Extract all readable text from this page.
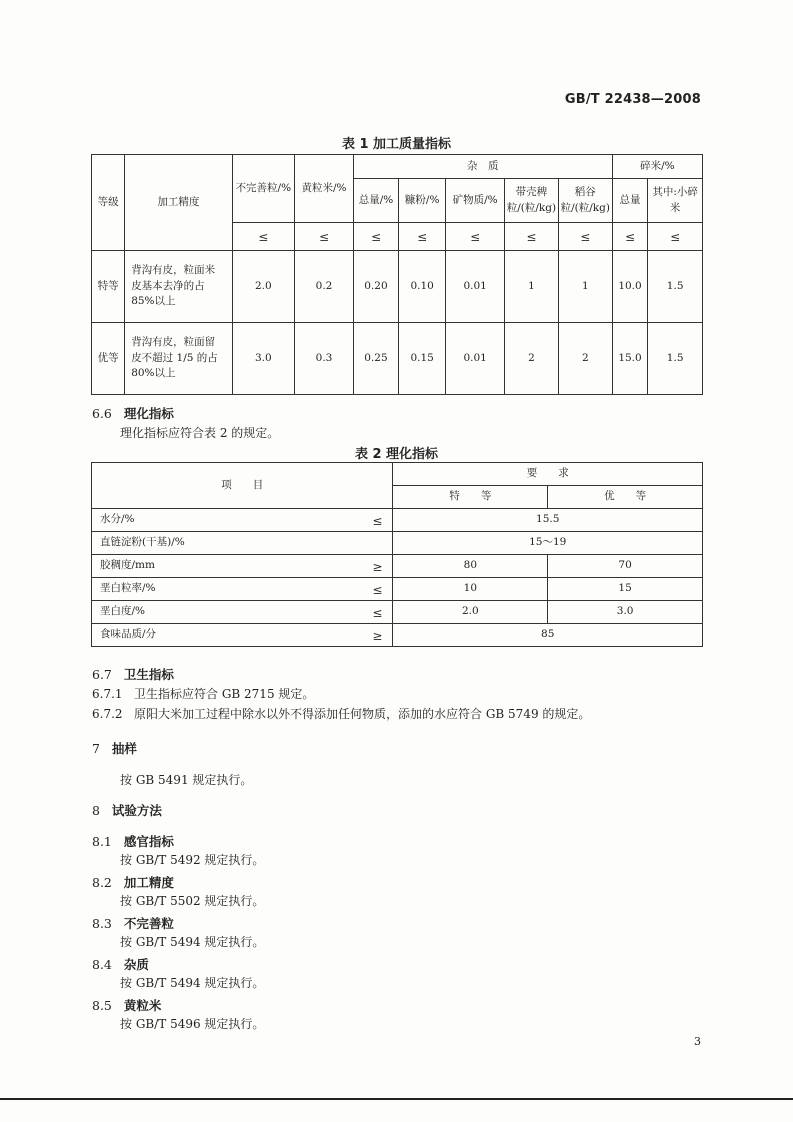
GB/T 22438—2008
表 1 加工质量指标
等级	加工精度	不完善粒/%	黄粒米/%	杂　质					碎米/%	
				总量/%	糠粉/%	矿物质/%	带壳稗粒/(粒/kg)	稻谷粒/(粒/kg)	总量	其中:小碎米
		≤	≤	≤	≤	≤	≤	≤	≤	≤
特等	背沟有皮，粒面米皮基本去净的占85%以上	2.0	0.2	0.20	0.10	0.01	1	1	10.0	1.5
优等	背沟有皮，粒面留皮不超过 1/5 的占 80%以上	3.0	0.3	0.25	0.15	0.01	2	2	15.0	1.5
6.6 理化指标
理化指标应符合表 2 的规定。
表 2 理化指标
项　　目	要　　求	
	特　　等	优　　等
水分/% ≤	15.5	
直链淀粉(干基)/%	15～19	
胶稠度/mm ≥	80	70
垩白粒率/% ≤	10	15
垩白度/% ≤	2.0	3.0
食味品质/分 ≥	85	
6.7 卫生指标
6.7.1 卫生指标应符合 GB 2715 规定。
6.7.2 原阳大米加工过程中除水以外不得添加任何物质，添加的水应符合 GB 5749 的规定。
7 抽样
按 GB 5491 规定执行。
8 试验方法
8.1 感官指标
按 GB/T 5492 规定执行。
8.2 加工精度
按 GB/T 5502 规定执行。
8.3 不完善粒
按 GB/T 5494 规定执行。
8.4 杂质
按 GB/T 5494 规定执行。
8.5 黄粒米
按 GB/T 5496 规定执行。
3
